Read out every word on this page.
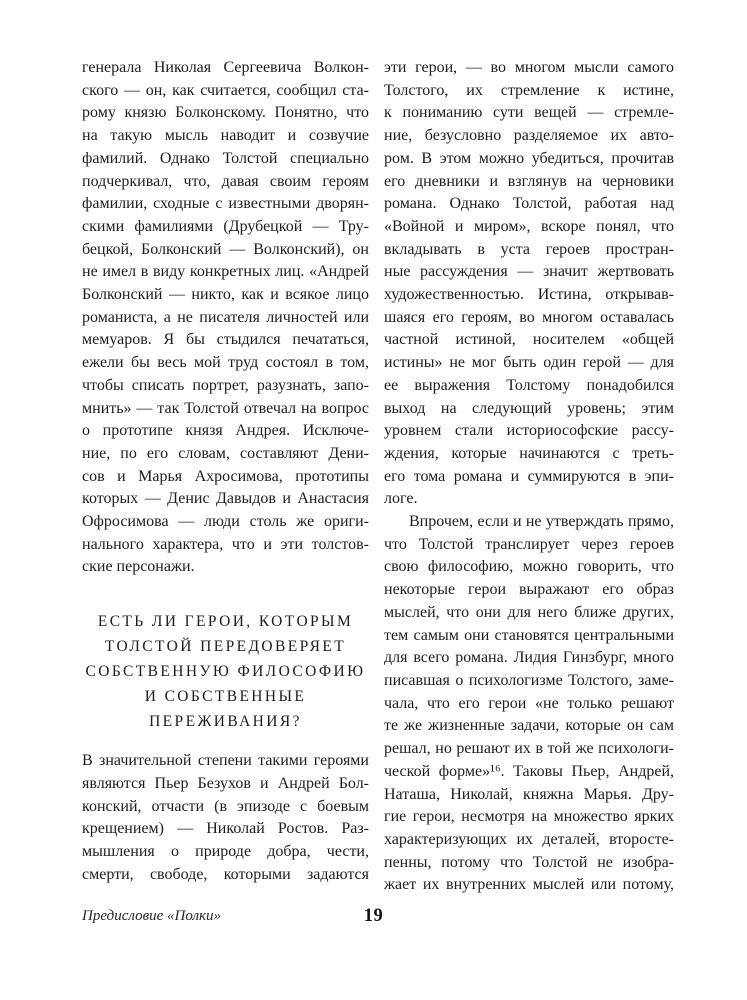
генерала Николая Сергеевича Волкон-
ского — он, как считается, сообщил ста-
рому князю Болконскому. Понятно, что
на такую мысль наводит и созвучие
фамилий. Однако Толстой специально
подчеркивал, что, давая своим героям
фамилии, сходные с известными дворян-
скими фамилиями (Друбецкой — Тру-
бецкой, Болконский — Волконский), он
не имел в виду конкретных лиц. «Андрей
Болконский — никто, как и всякое лицо
романиста, а не писателя личностей или
мемуаров. Я бы стыдился печататься,
ежели бы весь мой труд состоял в том,
чтобы списать портрет, разузнать, запо-
мнить» — так Толстой отвечал на вопрос
о прототипе князя Андрея. Исключе-
ние, по его словам, составляют Дени-
сов и Марья Ахросимова, прототипы
которых — Денис Давыдов и Анастасия
Офросимова — люди столь же ориги-
нального характера, что и эти толстов-
ские персонажи.
ЕСТЬ ЛИ ГЕРОИ, КОТОРЫМ
ТОЛСТОЙ ПЕРЕДОВЕРЯЕТ
СОБСТВЕННУЮ ФИЛОСОФИЮ
И СОБСТВЕННЫЕ
ПЕРЕЖИВАНИЯ?
В значительной степени такими героями
являются Пьер Безухов и Андрей Бол-
конский, отчасти (в эпизоде с боевым
крещением) — Николай Ростов. Раз-
мышления о природе добра, чести,
смерти, свободе, которыми задаются
эти герои, — во многом мысли самого
Толстого, их стремление к истине,
к пониманию сути вещей — стремле-
ние, безусловно разделяемое их авто-
ром. В этом можно убедиться, прочитав
его дневники и взглянув на черновики
романа. Однако Толстой, работая над
«Войной и миром», вскоре понял, что
вкладывать в уста героев простран-
ные рассуждения — значит жертвовать
художественностью. Истина, открывав-
шаяся его героям, во многом оставалась
частной истиной, носителем «общей
истины» не мог быть один герой — для
ее выражения Толстому понадобился
выход на следующий уровень; этим
уровнем стали историософские рассу-
ждения, которые начинаются с треть-
его тома романа и суммируются в эпи-
логе.
Впрочем, если и не утверждать прямо,
что Толстой транслирует через героев
свою философию, можно говорить, что
некоторые герои выражают его образ
мыслей, что они для него ближе других,
тем самым они становятся центральными
для всего романа. Лидия Гинзбург, много
писавшая о психологизме Толстого, заме-
чала, что его герои «не только решают
те же жизненные задачи, которые он сам
решал, но решают их в той же психологи-
ческой форме»¹⁶. Таковы Пьер, Андрей,
Наташа, Николай, княжна Марья. Дру-
гие герои, несмотря на множество ярких
характеризующих их деталей, второсте-
пенны, потому что Толстой не изобра-
жает их внутренних мыслей или потому,
Предисловие «Полки»	19
